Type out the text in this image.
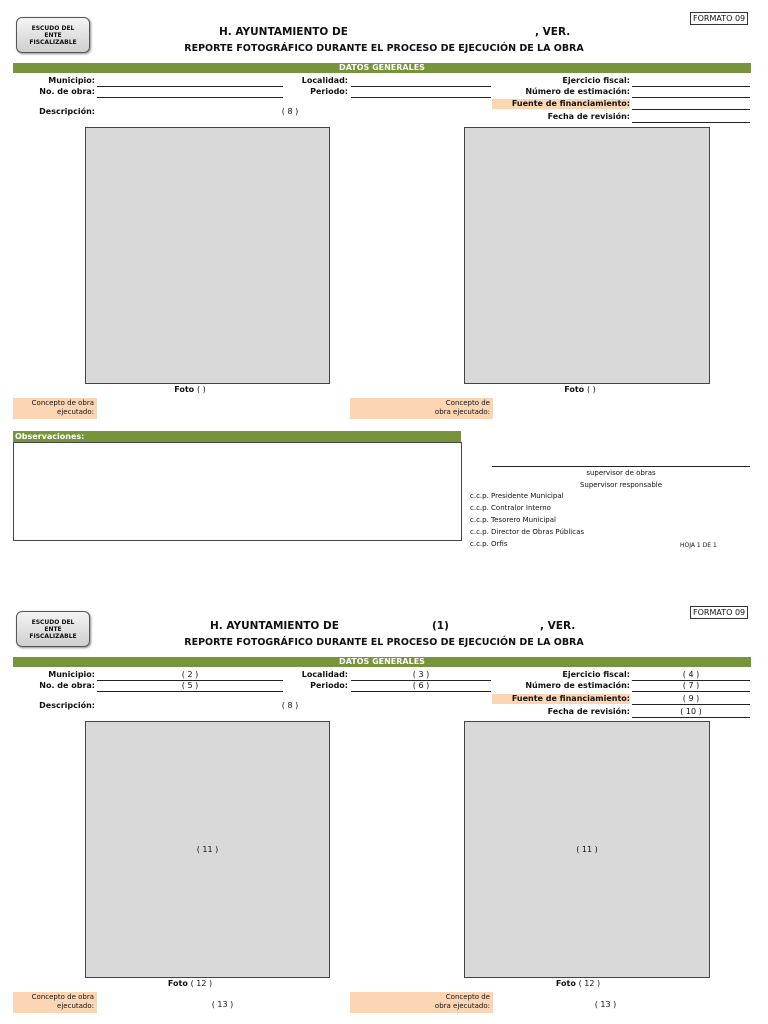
ESCUDO DEL
ENTE
FISCALIZABLE
FORMATO 09
H. AYUNTAMIENTO DE	, VER.
REPORTE FOTOGRÁFICO DURANTE EL PROCESO DE EJECUCIÓN DE LA OBRA
DATOS GENERALES
Municipio:
No. de obra:
Localidad:
Periodo:
Ejercicio fiscal:
Número de estimación:
Fuente de financiamiento:
Fecha de revisión:
Descripción:	( 8 )
Foto ( )	Foto ( )
Concepto de obra
ejecutado:
Concepto de
obra ejecutado:
Observaciones:
supervisor de obras
Supervisor responsable
c.c.p. Presidente Municipal
c.c.p. Contralor Interno
c.c.p. Tesorero Municipal
c.c.p. Director de Obras Públicas
c.c.p. Orfis	HOJA 1 DE 1
ESCUDO DEL
ENTE
FISCALIZABLE
FORMATO 09
H. AYUNTAMIENTO DE	(1)	, VER.
REPORTE FOTOGRÁFICO DURANTE EL PROCESO DE EJECUCIÓN DE LA OBRA
DATOS GENERALES
Municipio:	( 2 )
No. de obra:	( 5 )
Localidad:	( 3 )
Periodo:	( 6 )
Ejercicio fiscal:	( 4 )
Número de estimación:	( 7 )
Fuente de financiamiento:	( 9 )
Fecha de revisión:	( 10 )
Descripción:	( 8 )
( 11 )	( 11 )
Foto ( 12 )	Foto ( 12 )
Concepto de obra
ejecutado:	( 13 )
Concepto de
obra ejecutado:	( 13 )
